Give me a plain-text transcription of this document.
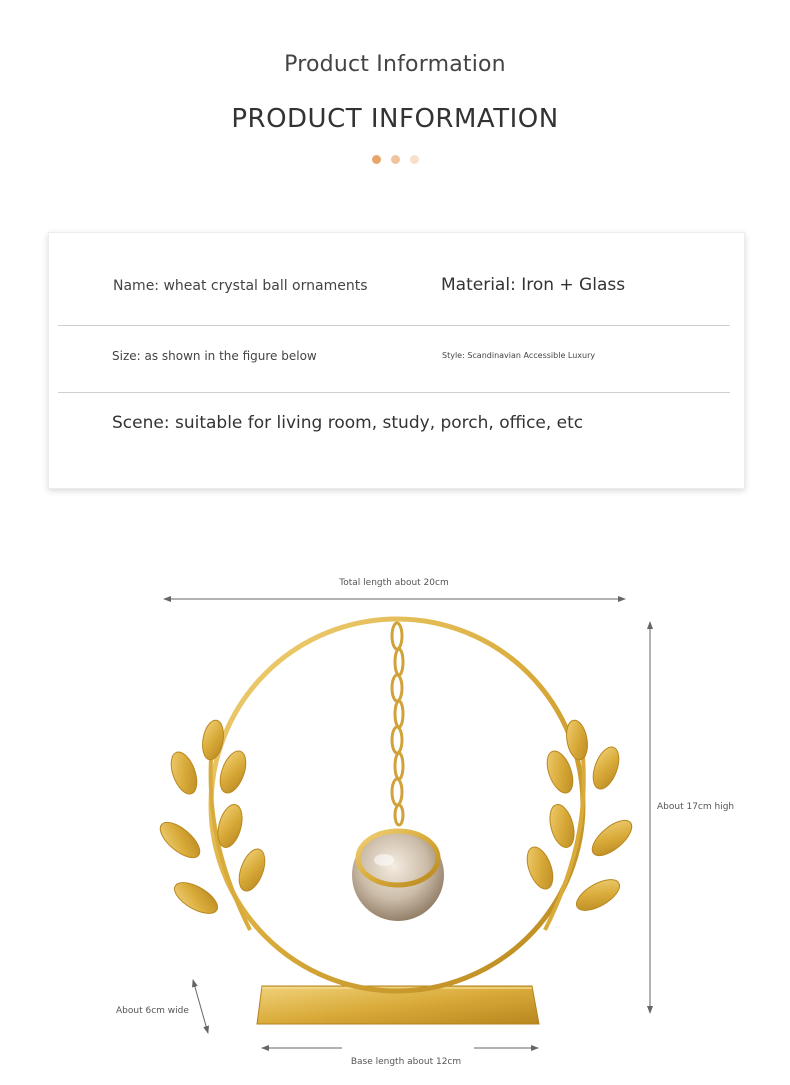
Product Information
PRODUCT INFORMATION
Name: wheat crystal ball ornaments	Material: Iron + Glass
Size: as shown in the figure below	Style: Scandinavian Accessible Luxury
Scene: suitable for living room, study, porch, office, etc
Total length about 20cm
About 17cm high
About 6cm wide
Base length about 12cm
